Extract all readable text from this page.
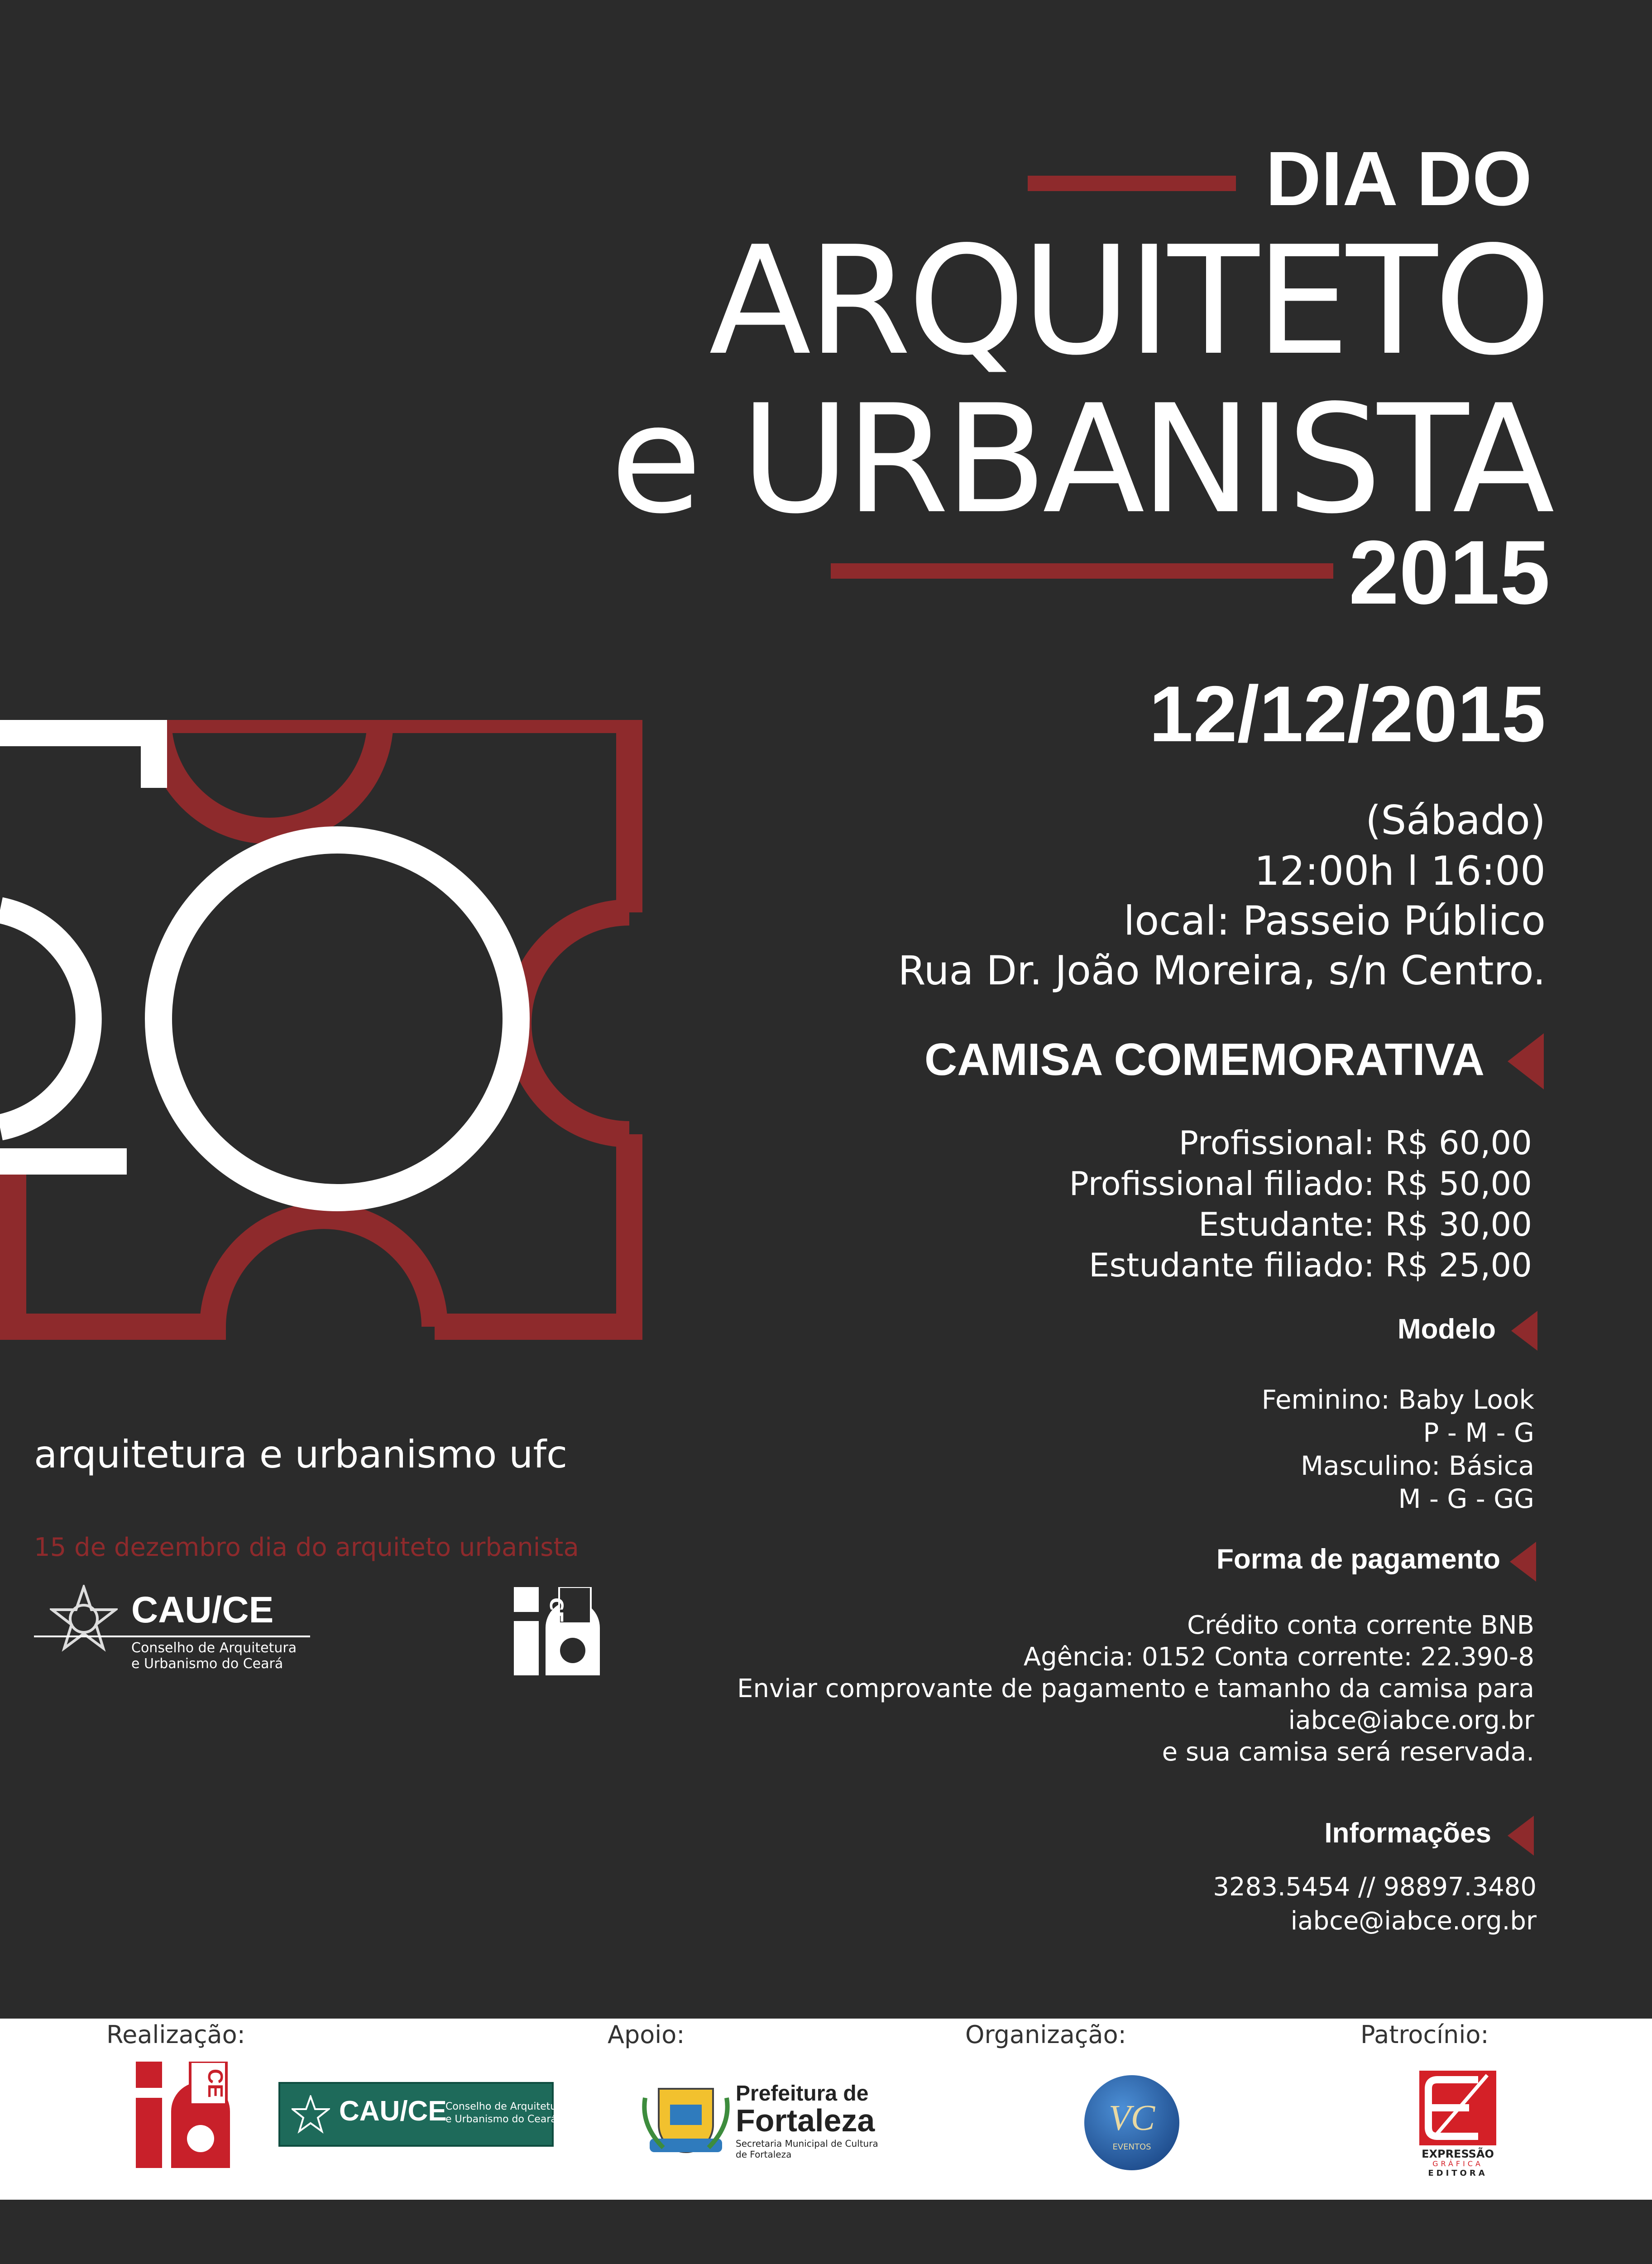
DIA DO
ARQUITETO
e URBANISTA
2015
12/12/2015
(Sábado)
12:00h l 16:00
local: Passeio Público
Rua Dr. João Moreira, s/n Centro.
CAMISA COMEMORATIVA
Profissional: R$ 60,00
Profissional filiado: R$ 50,00
Estudante: R$ 30,00
Estudante filiado: R$ 25,00
Modelo
Feminino: Baby Look
P - M - G
Masculino: Básica
M - G - GG
Forma de pagamento
Crédito conta corrente BNB
Agência: 0152 Conta corrente: 22.390-8
Enviar comprovante de pagamento e tamanho da camisa para
iabce@iabce.org.br
e sua camisa será reservada.
Informações
3283.5454 // 98897.3480
iabce@iabce.org.br
arquitetura e urbanismo ufc
15 de dezembro dia do arquiteto urbanista
CAU/CE
Conselho de Arquitetura
e Urbanismo do Ceará
CE
Realização:	Apoio:	Organização:	Patrocínio:
CE
CAU/CE
Conselho de Arquitetura
e Urbanismo do Ceará
Prefeitura de
Fortaleza
Secretaria Municipal de Cultura
de Fortaleza
VC
EVENTOS
EXPRESSÃO
GRÁFICA
EDITORA
